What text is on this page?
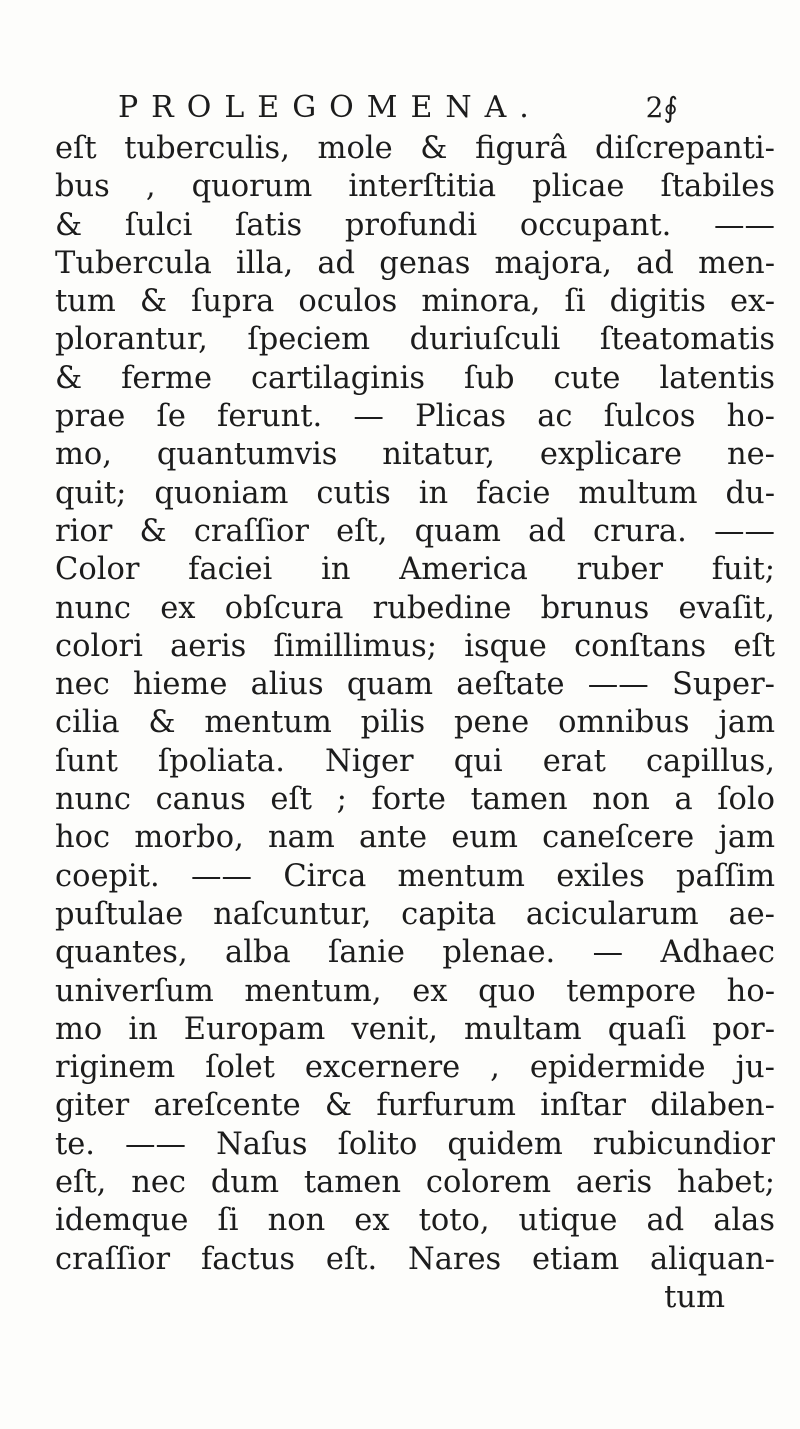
PROLEGOMENA.	2∮
eſt tuberculis, mole & figurâ diſcrepanti-
bus , quorum interſtitia plicae ſtabiles
& ſulci ſatis profundi occupant. ——
Tubercula illa, ad genas majora, ad men-
tum & ſupra oculos minora, ſi digitis ex-
plorantur, ſpeciem duriuſculi ſteatomatis
& ferme cartilaginis ſub cute latentis
prae ſe ferunt. — Plicas ac ſulcos ho-
mo, quantumvis nitatur, explicare ne-
quit; quoniam cutis in facie multum du-
rior & craſſior eſt, quam ad crura. ——
Color faciei in America ruber fuit;
nunc ex obſcura rubedine brunus evaſit,
colori aeris ſimillimus; isque conſtans eſt
nec hieme alius quam aeſtate —— Super-
cilia & mentum pilis pene omnibus jam
ſunt ſpoliata. Niger qui erat capillus,
nunc canus eſt ; forte tamen non a ſolo
hoc morbo, nam ante eum caneſcere jam
coepit. —— Circa mentum exiles paſſim
puſtulae naſcuntur, capita acicularum ae-
quantes, alba ſanie plenae. — Adhaec
univerſum mentum, ex quo tempore ho-
mo in Europam venit, multam quaſi por-
riginem ſolet excernere , epidermide ju-
giter areſcente & furfurum inſtar dilaben-
te. —— Naſus ſolito quidem rubicundior
eſt, nec dum tamen colorem aeris habet;
idemque ſi non ex toto, utique ad alas
craſſior factus eſt. Nares etiam aliquan-
tum
